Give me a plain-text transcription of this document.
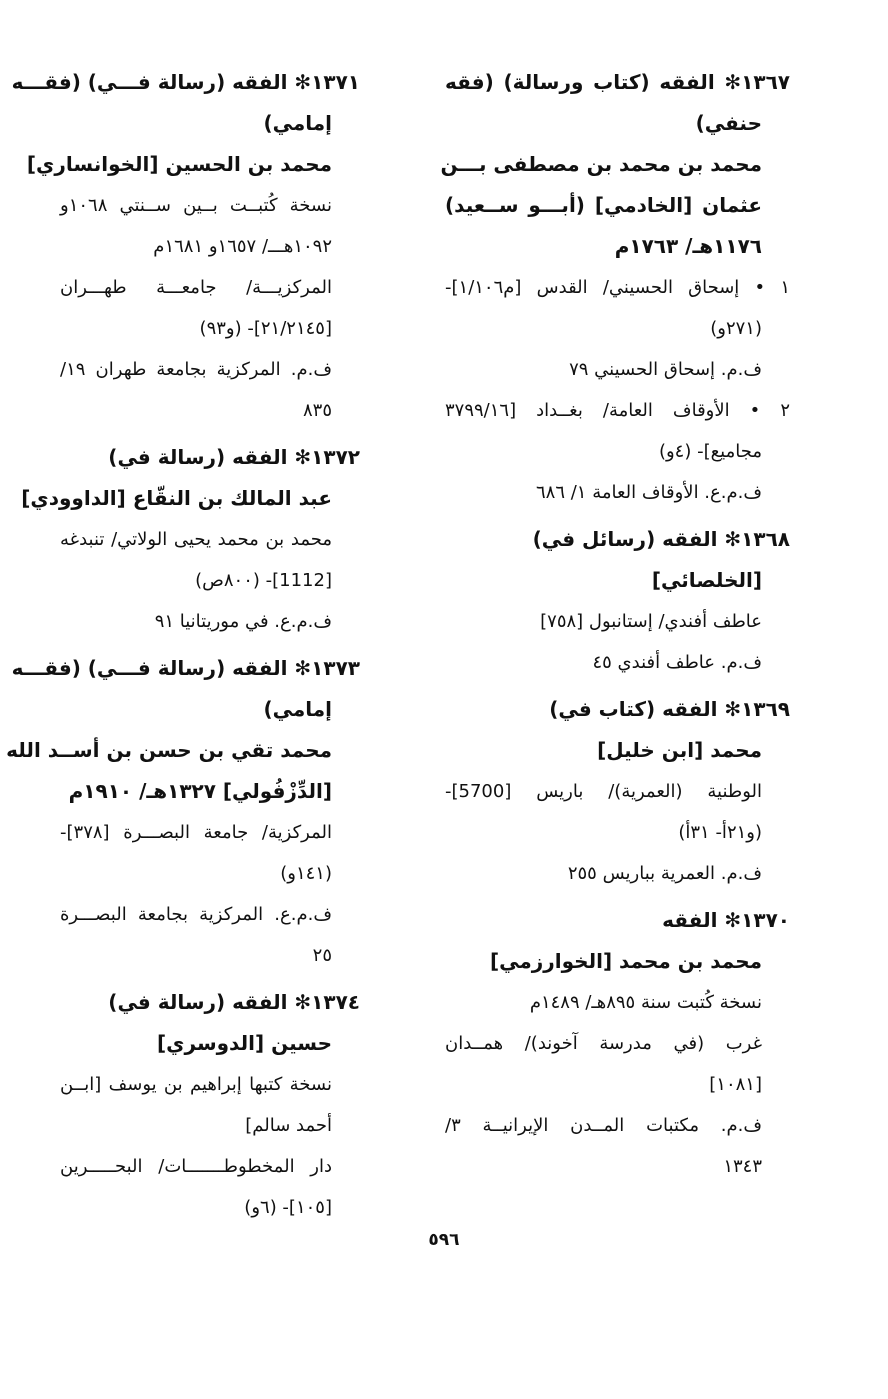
١٣٦٧✻ الفقه (كتاب ورسالة) (فقه
حنفي)
محمد بن محمد بن مصطفى بـــن
عثمان [الخادمي] (أبـــو ســعيد)
١١٧٦هـ/ ١٧٦٣م
١ • إسحاق الحسيني/ القدس [م١/١٠٦]-
(٢٧١و)
ف.م. إسحاق الحسيني ٧٩
٢ • الأوقاف العامة/ بغــداد [٣٧٩٩/١٦
مجاميع]- (٤و)
ف.م.ع. الأوقاف العامة ١/ ٦٨٦
١٣٦٨✻ الفقه (رسائل في)
[الخلصائي]
عاطف أفندي/ إستانبول [٧٥٨]
ف.م. عاطف أفندي ٤٥
١٣٦٩✻ الفقه (كتاب في)
محمد [ابن خليل]
الوطنية (العمرية)/ باريس [5700]-
(و٢١أ- ٣١أ)
ف.م. العمرية بباريس ٢٥٥
١٣٧٠✻ الفقه
محمد بن محمد [الخوارزمي]
نسخة كُتبت سنة ٨٩٥هـ/ ١٤٨٩م
غرب (في مدرسة آخوند)/ همــدان
[١٠٨١]
ف.م. مكتبات المــدن الإيرانيــة ٣/
١٣٤٣
١٣٧١✻ الفقه (رسالة فـــي) (فقـــه
إمامي)
محمد بن الحسين [الخوانساري]
نسخة كُتبــت بــين ســنتي ١٠٦٨و
١٠٩٢هـــ/ ١٦٥٧و ١٦٨١م
المركزيـــة/ جامعـــة طهـــران
[٢١/٢١٤٥]- (و٩٣)
ف.م. المركزية بجامعة طهران ١٩/
٨٣٥
١٣٧٢✻ الفقه (رسالة في)
عبد المالك بن النقّاع [الداوودي]
محمد بن محمد يحيى الولاتي/ تنبدغه
[1112]- (٨٠٠ص)
ف.م.ع. في موريتانيا ٩١
١٣٧٣✻ الفقه (رسالة فـــي) (فقـــه
إمامي)
محمد تقي بن حسن بن أســد الله
[الدِّزْفُولي] ١٣٢٧هـ/ ١٩١٠م
المركزية/ جامعة البصـــرة [٣٧٨]-
(١٤١و)
ف.م.ع. المركزية بجامعة البصـــرة
٢٥
١٣٧٤✻ الفقه (رسالة في)
حسين [الدوسري]
نسخة كتبها إبراهيم بن يوسف [ابــن
أحمد سالم]
دار المخطوطـــــــات/ البحـــــرين
[١٠٥]- (٦و)
٥٩٦
